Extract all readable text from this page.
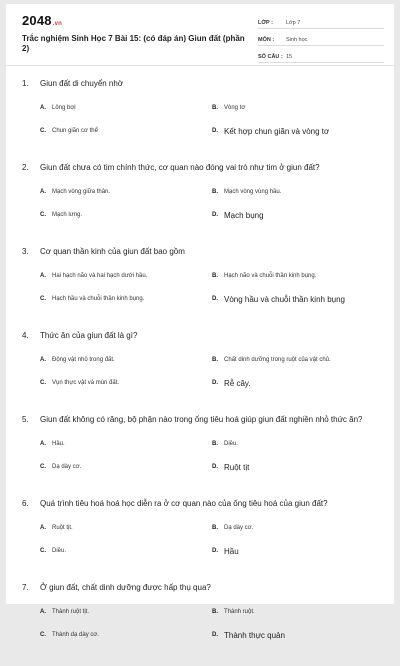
2048.vn
Trắc nghiệm Sinh Học 7 Bài 15: (có đáp án) Giun đất (phần 2)
LỚP :	Lớp 7
MÔN :	Sinh học
SỐ CÂU : 15
1.	Giun đất di chuyển nhờ
A.	Lông bơi	B.	Vòng tơ
C.	Chun giãn cơ thể	D. Kết hợp chun giãn và vòng tơ
2.	Giun đất chưa có tim chính thức, cơ quan nào đóng vai trò như tim ở giun đất?
A.	Mạch vòng giữa thân.	B.	Mạch vòng vùng hầu.
C.	Mạch lưng.	D. Mạch bụng
3.	Cơ quan thần kinh của giun đất bao gồm
A.	Hai hạch não và hai hạch dưới hầu.	B.	Hạch não và chuỗi thần kinh bụng.
C.	Hạch hầu và chuỗi thần kinh bụng.	D. Vòng hầu và chuỗi thần kinh bụng
4.	Thức ăn của giun đất là gì?
A.	Động vật nhỏ trong đất.	B.	Chất dinh dưỡng trong ruột của vật chủ.
C.	Vụn thực vật và mùn đất.	D. Rễ cây.
5.	Giun đất không có răng, bộ phận nào trong ống tiêu hoá giúp giun đất nghiền nhỏ thức ăn?
A.	Hầu.	B.	Diều.
C.	Dạ dày cơ.	D. Ruột tịt
6.	Quá trình tiêu hoá hoá học diễn ra ở cơ quan nào của ống tiêu hoá của giun đất?
A.	Ruột tịt.	B.	Dạ dày cơ.
C.	Diều.	D. Hầu
7.	Ở giun đất, chất dinh dưỡng được hấp thụ qua?
A.	Thành ruột tịt.	B.	Thành ruột.
C.	Thành dạ dày cơ.	D. Thành thực quản
